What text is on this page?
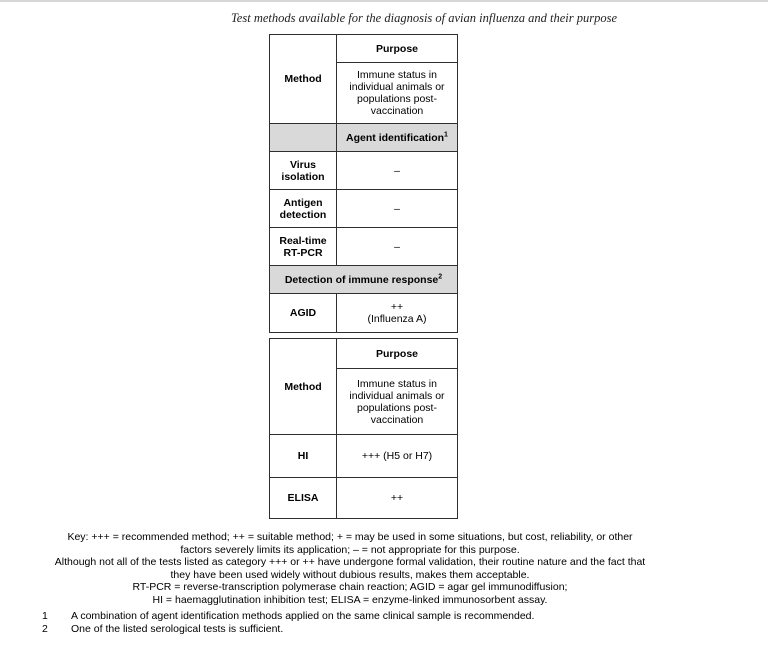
Test methods available for the diagnosis of avian influenza and their purpose
Method	Purpose
	Immune status in individual animals or populations post-vaccination
	Agent identification$^1$
Virus isolation	–
Antigen detection	–
Real-time RT-PCR	–
Detection of immune response$^2$
AGID	++
(Influenza A)
Method	Purpose
	Immune status in individual animals or populations post-vaccination
HI	+++ (H5 or H7)
ELISA	++

Key: +++ = recommended method; ++ = suitable method; + = may be used in some situations, but cost, reliability, or other

factors severely limits its application; – = not appropriate for this purpose.

Although not all of the tests listed as category +++ or ++ have undergone formal validation, their routine nature and the fact that

they have been used widely without dubious results, makes them acceptable.

RT-PCR = reverse-transcription polymerase chain reaction; AGID = agar gel immunodiffusion;

HI = haemagglutination inhibition test; ELISA = enzyme-linked immunosorbent assay.

1	A combination of agent identification methods applied on the same clinical sample is recommended.
2	One of the listed serological tests is sufficient.
